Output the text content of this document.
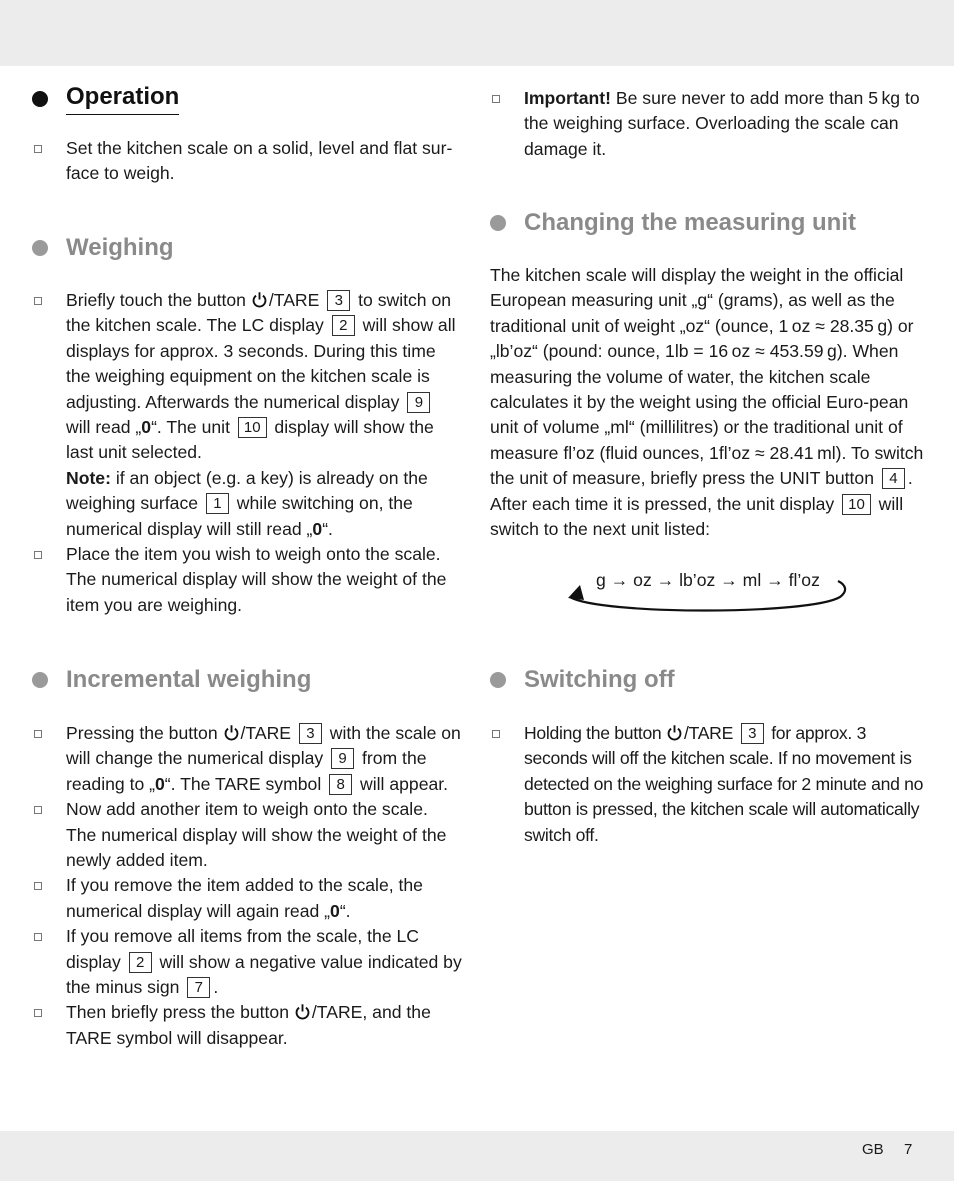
Operation
Set the kitchen scale on a solid, level and flat sur-face to weigh.
Weighing
Briefly touch the button /TARE 3 to switch on the kitchen scale. The LC display 2 will show all displays for approx. 3 seconds. During this time the weighing equipment on the kitchen scale is adjusting. Afterwards the numerical display 9 will read „0“. The unit 10 display will show the last unit selected.
Note: if an object (e.g. a key) is already on the weighing surface 1 while switching on, the numerical display will still read „0“.
Place the item you wish to weigh onto the scale. The numerical display will show the weight of the item you are weighing.
Incremental weighing
Pressing the button /TARE 3 with the scale on will change the numerical display 9 from the reading to „0“. The TARE symbol 8 will appear.
Now add another item to weigh onto the scale. The numerical display will show the weight of the newly added item.
If you remove the item added to the scale, the numerical display will again read „0“.
If you remove all items from the scale, the LC display 2 will show a negative value indicated by the minus sign 7 .
Then briefly press the button /TARE, and the TARE symbol will disappear.
Important! Be sure never to add more than 5 kg to the weighing surface. Overloading the scale can damage it.
Changing the measuring unit
The kitchen scale will display the weight in the official European measuring unit „g“ (grams), as well as the traditional unit of weight „oz“ (ounce, 1 oz ≈ 28.35 g) or „lb’oz“ (pound: ounce, 1lb = 16 oz ≈ 453.59 g). When measuring the volume of water, the kitchen scale calculates it by the weight using the official Euro-pean unit of volume „ml“ (millilitres) or the traditional unit of measure fl’oz (fluid ounces, 1fl’oz ≈ 28.41 ml). To switch the unit of measure, briefly press the UNIT button 4 . After each time it is pressed, the unit display 10 will switch to the next unit listed:
Switching off
Holding the button /TARE 3 for approx. 3 seconds will off the kitchen scale. If no movement is detected on the weighing surface for 2 minute and no button is pressed, the kitchen scale will automatically switch off.
g → oz → lb’oz → ml → fl’oz
GB 7
